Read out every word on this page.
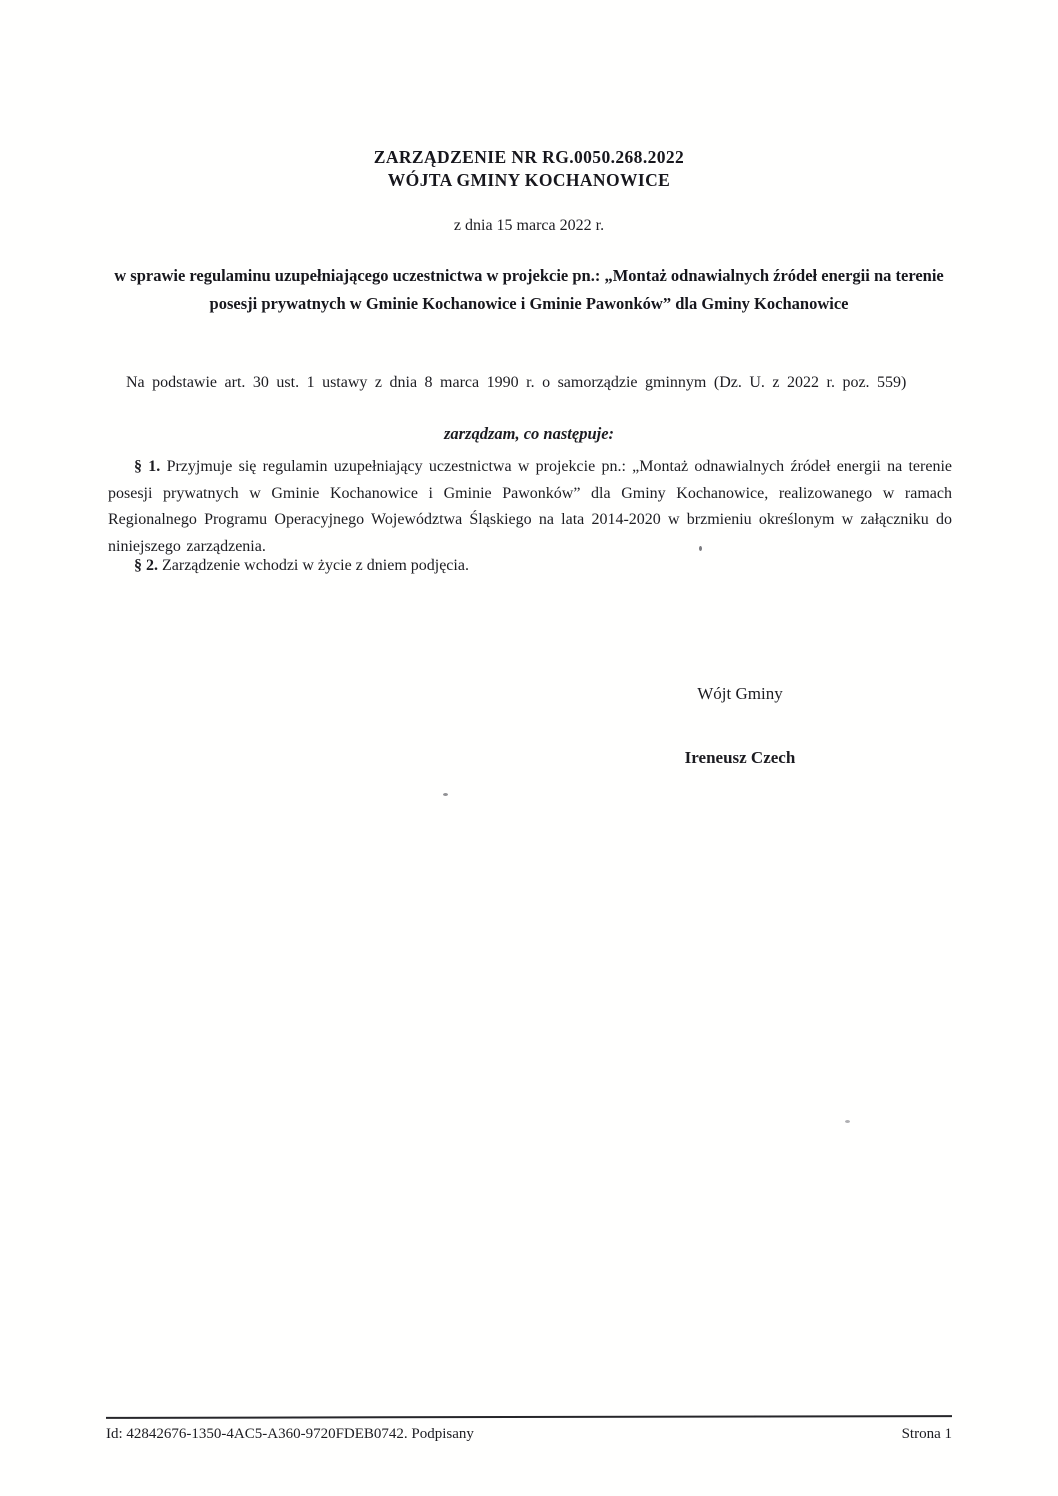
ZARZĄDZENIE NR RG.0050.268.2022
WÓJTA GMINY KOCHANOWICE
z dnia 15 marca 2022 r.
w sprawie regulaminu uzupełniającego uczestnictwa w projekcie pn.: „Montaż odnawialnych źródeł energii na terenie posesji prywatnych w Gminie Kochanowice i Gminie Pawonków” dla Gminy Kochanowice

Na podstawie art. 30 ust. 1 ustawy z dnia 8 marca 1990 r. o samorządzie gminnym (Dz. U. z 2022 r. poz. 559)

zarządzam, co następuje:

§ 1. Przyjmuje się regulamin uzupełniający uczestnictwa w projekcie pn.: „Montaż odnawialnych źródeł energii na terenie posesji prywatnych w Gminie Kochanowice i Gminie Pawonków” dla Gminy Kochanowice, realizowanego w ramach Regionalnego Programu Operacyjnego Województwa Śląskiego na lata 2014-2020 w brzmieniu określonym w załączniku do niniejszego zarządzenia.

§ 2. Zarządzenie wchodzi w życie z dniem podjęcia.

Wójt Gminy
Ireneusz Czech
Id: 42842676-1350-4AC5-A360-9720FDEB0742. Podpisany	Strona 1
